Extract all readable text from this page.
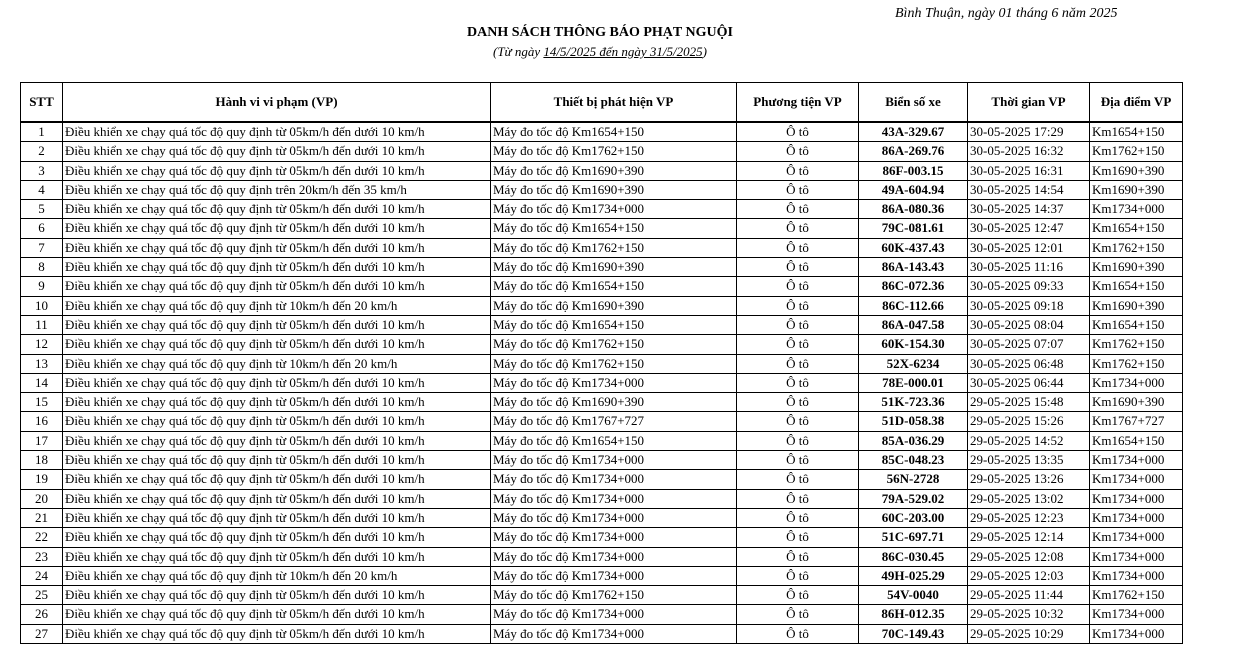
Bình Thuận, ngày 01 tháng 6 năm 2025
DANH SÁCH THÔNG BÁO PHẠT NGUỘI
(Từ ngày 14/5/2025 đến ngày 31/5/2025)
STT	Hành vi vi phạm (VP)	Thiết bị phát hiện VP	Phương tiện VP	Biển số xe	Thời gian VP	Địa điểm VP
1	Điều khiển xe chạy quá tốc độ quy định từ 05km/h đến dưới 10 km/h	Máy đo tốc độ Km1654+150	Ô tô	43A-329.67	30-05-2025 17:29	Km1654+150
2	Điều khiển xe chạy quá tốc độ quy định từ 05km/h đến dưới 10 km/h	Máy đo tốc độ Km1762+150	Ô tô	86A-269.76	30-05-2025 16:32	Km1762+150
3	Điều khiển xe chạy quá tốc độ quy định từ 05km/h đến dưới 10 km/h	Máy đo tốc độ Km1690+390	Ô tô	86F-003.15	30-05-2025 16:31	Km1690+390
4	Điều khiển xe chạy quá tốc độ quy định trên 20km/h đến 35 km/h	Máy đo tốc độ Km1690+390	Ô tô	49A-604.94	30-05-2025 14:54	Km1690+390
5	Điều khiển xe chạy quá tốc độ quy định từ 05km/h đến dưới 10 km/h	Máy đo tốc độ Km1734+000	Ô tô	86A-080.36	30-05-2025 14:37	Km1734+000
6	Điều khiển xe chạy quá tốc độ quy định từ 05km/h đến dưới 10 km/h	Máy đo tốc độ Km1654+150	Ô tô	79C-081.61	30-05-2025 12:47	Km1654+150
7	Điều khiển xe chạy quá tốc độ quy định từ 05km/h đến dưới 10 km/h	Máy đo tốc độ Km1762+150	Ô tô	60K-437.43	30-05-2025 12:01	Km1762+150
8	Điều khiển xe chạy quá tốc độ quy định từ 05km/h đến dưới 10 km/h	Máy đo tốc độ Km1690+390	Ô tô	86A-143.43	30-05-2025 11:16	Km1690+390
9	Điều khiển xe chạy quá tốc độ quy định từ 05km/h đến dưới 10 km/h	Máy đo tốc độ Km1654+150	Ô tô	86C-072.36	30-05-2025 09:33	Km1654+150
10	Điều khiển xe chạy quá tốc độ quy định từ 10km/h đến 20 km/h	Máy đo tốc độ Km1690+390	Ô tô	86C-112.66	30-05-2025 09:18	Km1690+390
11	Điều khiển xe chạy quá tốc độ quy định từ 05km/h đến dưới 10 km/h	Máy đo tốc độ Km1654+150	Ô tô	86A-047.58	30-05-2025 08:04	Km1654+150
12	Điều khiển xe chạy quá tốc độ quy định từ 05km/h đến dưới 10 km/h	Máy đo tốc độ Km1762+150	Ô tô	60K-154.30	30-05-2025 07:07	Km1762+150
13	Điều khiển xe chạy quá tốc độ quy định từ 10km/h đến 20 km/h	Máy đo tốc độ Km1762+150	Ô tô	52X-6234	30-05-2025 06:48	Km1762+150
14	Điều khiển xe chạy quá tốc độ quy định từ 05km/h đến dưới 10 km/h	Máy đo tốc độ Km1734+000	Ô tô	78E-000.01	30-05-2025 06:44	Km1734+000
15	Điều khiển xe chạy quá tốc độ quy định từ 05km/h đến dưới 10 km/h	Máy đo tốc độ Km1690+390	Ô tô	51K-723.36	29-05-2025 15:48	Km1690+390
16	Điều khiển xe chạy quá tốc độ quy định từ 05km/h đến dưới 10 km/h	Máy đo tốc độ Km1767+727	Ô tô	51D-058.38	29-05-2025 15:26	Km1767+727
17	Điều khiển xe chạy quá tốc độ quy định từ 05km/h đến dưới 10 km/h	Máy đo tốc độ Km1654+150	Ô tô	85A-036.29	29-05-2025 14:52	Km1654+150
18	Điều khiển xe chạy quá tốc độ quy định từ 05km/h đến dưới 10 km/h	Máy đo tốc độ Km1734+000	Ô tô	85C-048.23	29-05-2025 13:35	Km1734+000
19	Điều khiển xe chạy quá tốc độ quy định từ 05km/h đến dưới 10 km/h	Máy đo tốc độ Km1734+000	Ô tô	56N-2728	29-05-2025 13:26	Km1734+000
20	Điều khiển xe chạy quá tốc độ quy định từ 05km/h đến dưới 10 km/h	Máy đo tốc độ Km1734+000	Ô tô	79A-529.02	29-05-2025 13:02	Km1734+000
21	Điều khiển xe chạy quá tốc độ quy định từ 05km/h đến dưới 10 km/h	Máy đo tốc độ Km1734+000	Ô tô	60C-203.00	29-05-2025 12:23	Km1734+000
22	Điều khiển xe chạy quá tốc độ quy định từ 05km/h đến dưới 10 km/h	Máy đo tốc độ Km1734+000	Ô tô	51C-697.71	29-05-2025 12:14	Km1734+000
23	Điều khiển xe chạy quá tốc độ quy định từ 05km/h đến dưới 10 km/h	Máy đo tốc độ Km1734+000	Ô tô	86C-030.45	29-05-2025 12:08	Km1734+000
24	Điều khiển xe chạy quá tốc độ quy định từ 10km/h đến 20 km/h	Máy đo tốc độ Km1734+000	Ô tô	49H-025.29	29-05-2025 12:03	Km1734+000
25	Điều khiển xe chạy quá tốc độ quy định từ 05km/h đến dưới 10 km/h	Máy đo tốc độ Km1762+150	Ô tô	54V-0040	29-05-2025 11:44	Km1762+150
26	Điều khiển xe chạy quá tốc độ quy định từ 05km/h đến dưới 10 km/h	Máy đo tốc độ Km1734+000	Ô tô	86H-012.35	29-05-2025 10:32	Km1734+000
27	Điều khiển xe chạy quá tốc độ quy định từ 05km/h đến dưới 10 km/h	Máy đo tốc độ Km1734+000	Ô tô	70C-149.43	29-05-2025 10:29	Km1734+000
